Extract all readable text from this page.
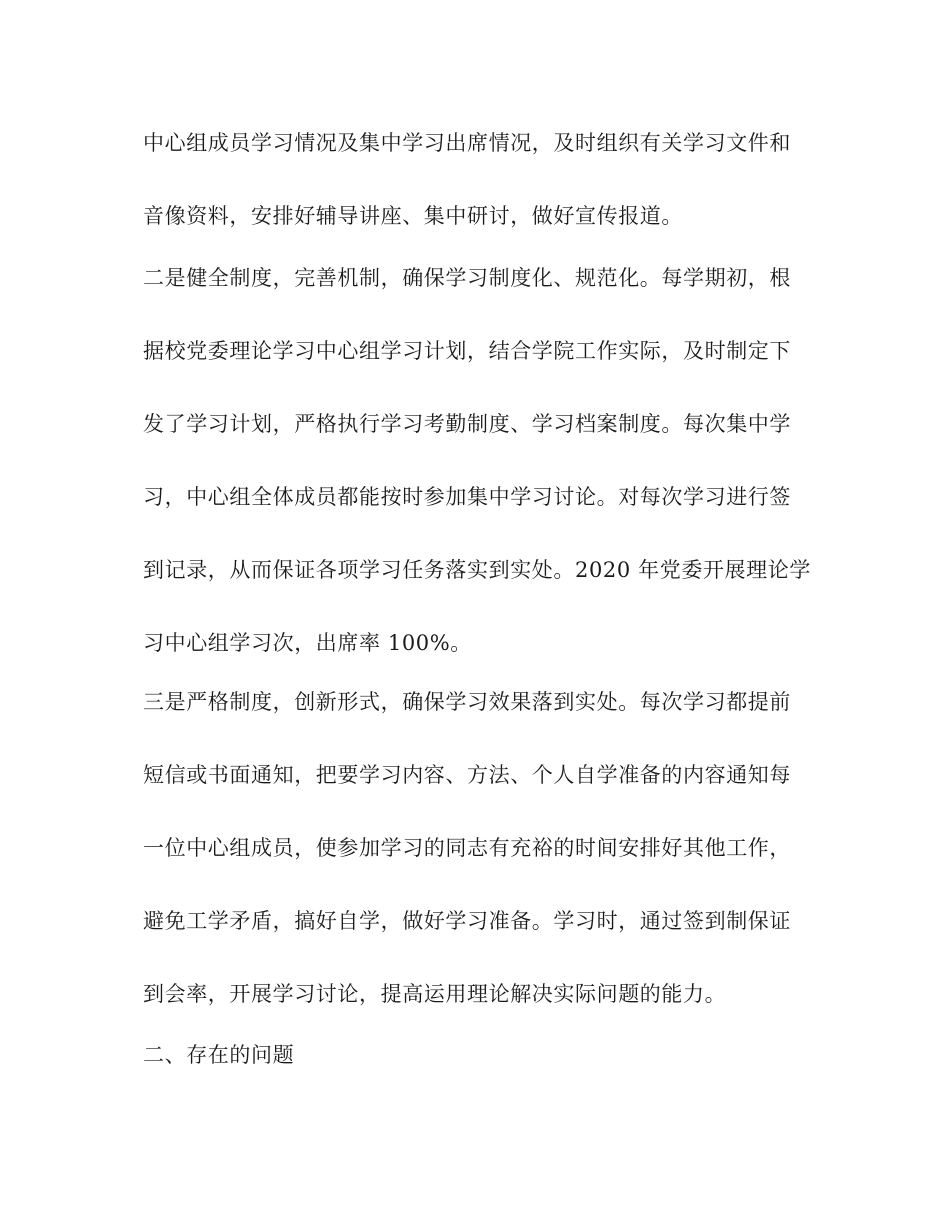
中心组成员学习情况及集中学习出席情况，及时组织有关学习文件和
音像资料，安排好辅导讲座、集中研讨，做好宣传报道。
二是健全制度，完善机制，确保学习制度化、规范化。每学期初，根
据校党委理论学习中心组学习计划，结合学院工作实际，及时制定下
发了学习计划，严格执行学习考勤制度、学习档案制度。每次集中学
习，中心组全体成员都能按时参加集中学习讨论。对每次学习进行签
到记录，从而保证各项学习任务落实到实处。2020 年党委开展理论学
习中心组学习次，出席率 100%。
三是严格制度，创新形式，确保学习效果落到实处。每次学习都提前
短信或书面通知，把要学习内容、方法、个人自学准备的内容通知每
一位中心组成员，使参加学习的同志有充裕的时间安排好其他工作，
避免工学矛盾，搞好自学，做好学习准备。学习时，通过签到制保证
到会率，开展学习讨论，提高运用理论解决实际问题的能力。
二、存在的问题
